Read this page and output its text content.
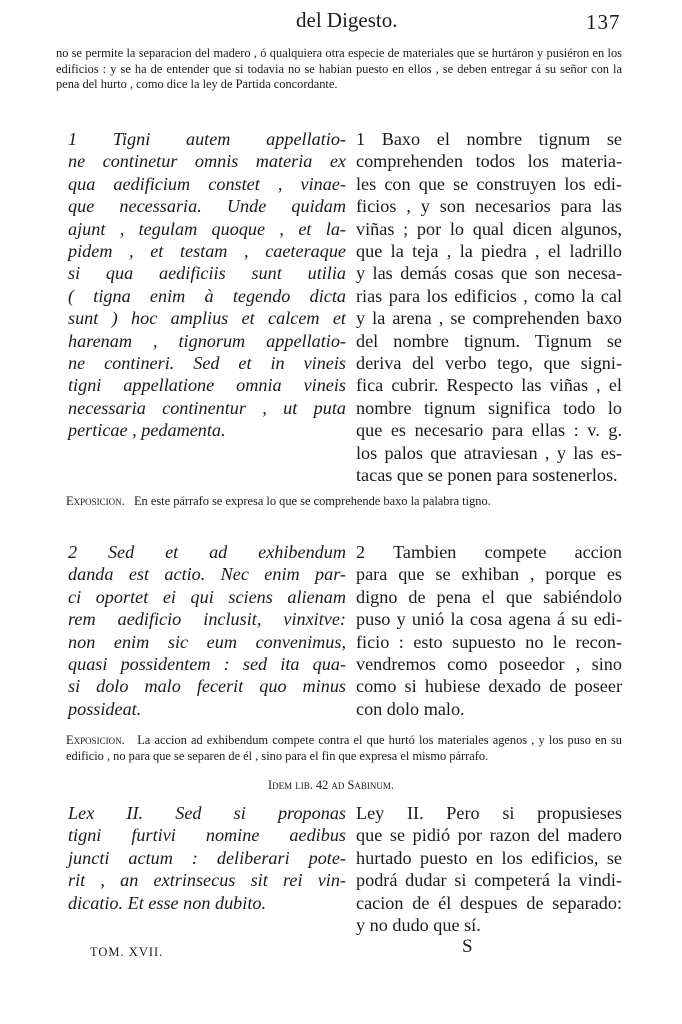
del Digesto.	137
no se permite la separacion del madero , ó qualquiera otra especie de materiales que se hurtáron y pusiéron en los edificios : y se ha de entender que si todavia no se habian puesto en ellos , se deben entregar á su señor con la pena del hurto , como dice la ley de Partida concordante.
1 Tigni autem appellatio-
ne continetur omnis materia ex
qua aedificium constet , vinae-
que necessaria. Unde quidam
ajunt , tegulam quoque , et la-
pidem , et testam , caeteraque
si qua aedificiis sunt utilia
( tigna enim à tegendo dicta
sunt ) hoc amplius et calcem et
harenam , tignorum appellatio-
ne contineri. Sed et in vineis
tigni appellatione omnia vineis
necessaria continentur , ut puta
perticae , pedamenta.
1 Baxo el nombre tignum se
comprehenden todos los materia-
les con que se construyen los edi-
ficios , y son necesarios para las
viñas ; por lo qual dicen algunos,
que la teja , la piedra , el ladrillo
y las demás cosas que son necesa-
rias para los edificios , como la cal
y la arena , se comprehenden baxo
del nombre tignum. Tignum se
deriva del verbo tego, que signi-
fica cubrir. Respecto las viñas , el
nombre tignum significa todo lo
que es necesario para ellas : v. g.
los palos que atraviesan , y las es-
tacas que se ponen para sostenerlos.
Exposicion. En este párrafo se expresa lo que se comprehende baxo la palabra tigno.
2 Sed et ad exhibendum
danda est actio. Nec enim par-
ci oportet ei qui sciens alienam
rem aedificio inclusit, vinxitve:
non enim sic eum convenimus,
quasi possidentem : sed ita qua-
si dolo malo fecerit quo minus
possideat.
2 Tambien compete accion
para que se exhiban , porque es
digno de pena el que sabiéndolo
puso y unió la cosa agena á su edi-
ficio : esto supuesto no le recon-
vendremos como poseedor , sino
como si hubiese dexado de poseer
con dolo malo.
Exposicion. La accion ad exhibendum compete contra el que hurtó los materiales agenos , y los puso en su edificio , no para que se separen de él , sino para el fin que expresa el mismo párrafo.
Idem lib. 42 ad Sabinum.
Lex II. Sed si proponas
tigni furtivi nomine aedibus
juncti actum : deliberari pote-
rit , an extrinsecus sit rei vin-
dicatio. Et esse non dubito.
Ley II. Pero si propusieses
que se pidió por razon del madero
hurtado puesto en los edificios, se
podrá dudar si competerá la vindi-
cacion de él despues de separado:
y no dudo que sí.
TOM. XVII.	S
